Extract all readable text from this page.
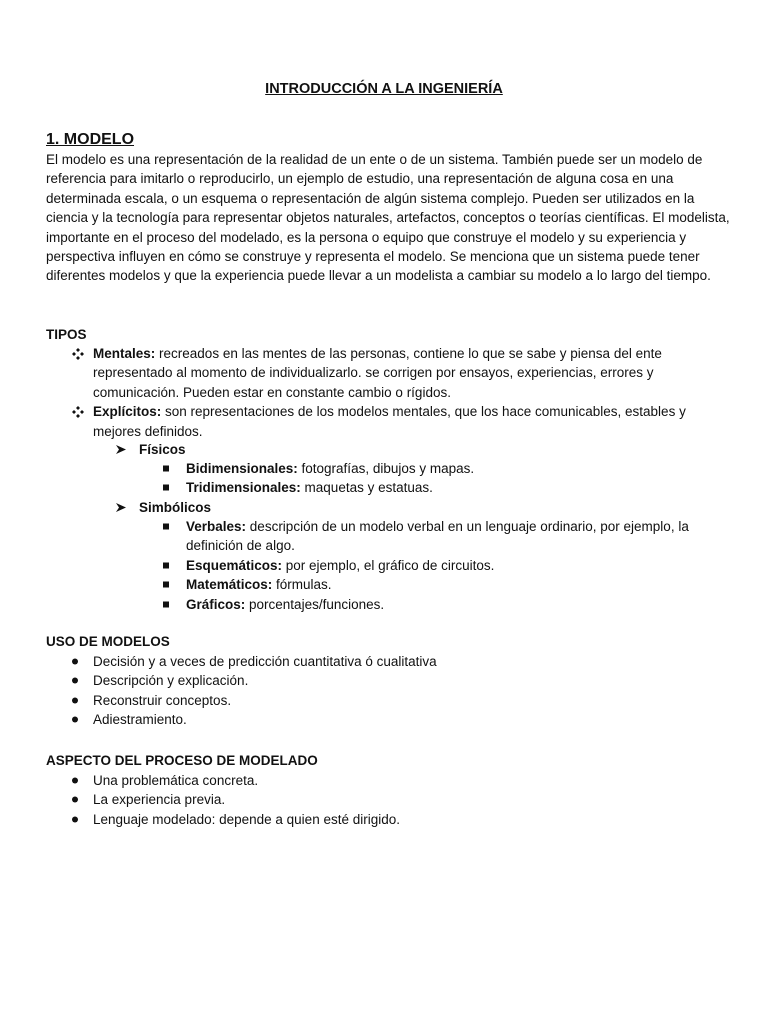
INTRODUCCIÓN A LA INGENIERÍA
1. MODELO

El modelo es una representación de la realidad de un ente o de un sistema. También puede ser un modelo de referencia para imitarlo o reproducirlo, un ejemplo de estudio, una representación de alguna cosa en una determinada escala, o un esquema o representación de algún sistema complejo. Pueden ser utilizados en la ciencia y la tecnología para representar objetos naturales, artefactos, conceptos o teorías científicas. El modelista, importante en el proceso del modelado, es la persona o equipo que construye el modelo y su experiencia y perspectiva influyen en cómo se construye y representa el modelo. Se menciona que un sistema puede tener diferentes modelos y que la experiencia puede llevar a un modelista a cambiar su modelo a lo largo del tiempo.

TIPOS
Mentales: recreados en las mentes de las personas, contiene lo que se sabe y piensa del ente representado al momento de individualizarlo. se corrigen por ensayos, experiencias, errores y comunicación. Pueden estar en constante cambio o rígidos.
Explícitos: son representaciones de los modelos mentales, que los hace comunicables, estables y mejores definidos.
Físicos
Bidimensionales: fotografías, dibujos y mapas.
Tridimensionales: maquetas y estatuas.
Simbólicos
Verbales: descripción de un modelo verbal en un lenguaje ordinario, por ejemplo, la definición de algo.
Esquemáticos: por ejemplo, el gráfico de circuitos.
Matemáticos: fórmulas.
Gráficos: porcentajes/funciones.
USO DE MODELOS
Decisión y a veces de predicción cuantitativa ó cualitativa
Descripción y explicación.
Reconstruir conceptos.
Adiestramiento.
ASPECTO DEL PROCESO DE MODELADO
Una problemática concreta.
La experiencia previa.
Lenguaje modelado: depende a quien esté dirigido.
